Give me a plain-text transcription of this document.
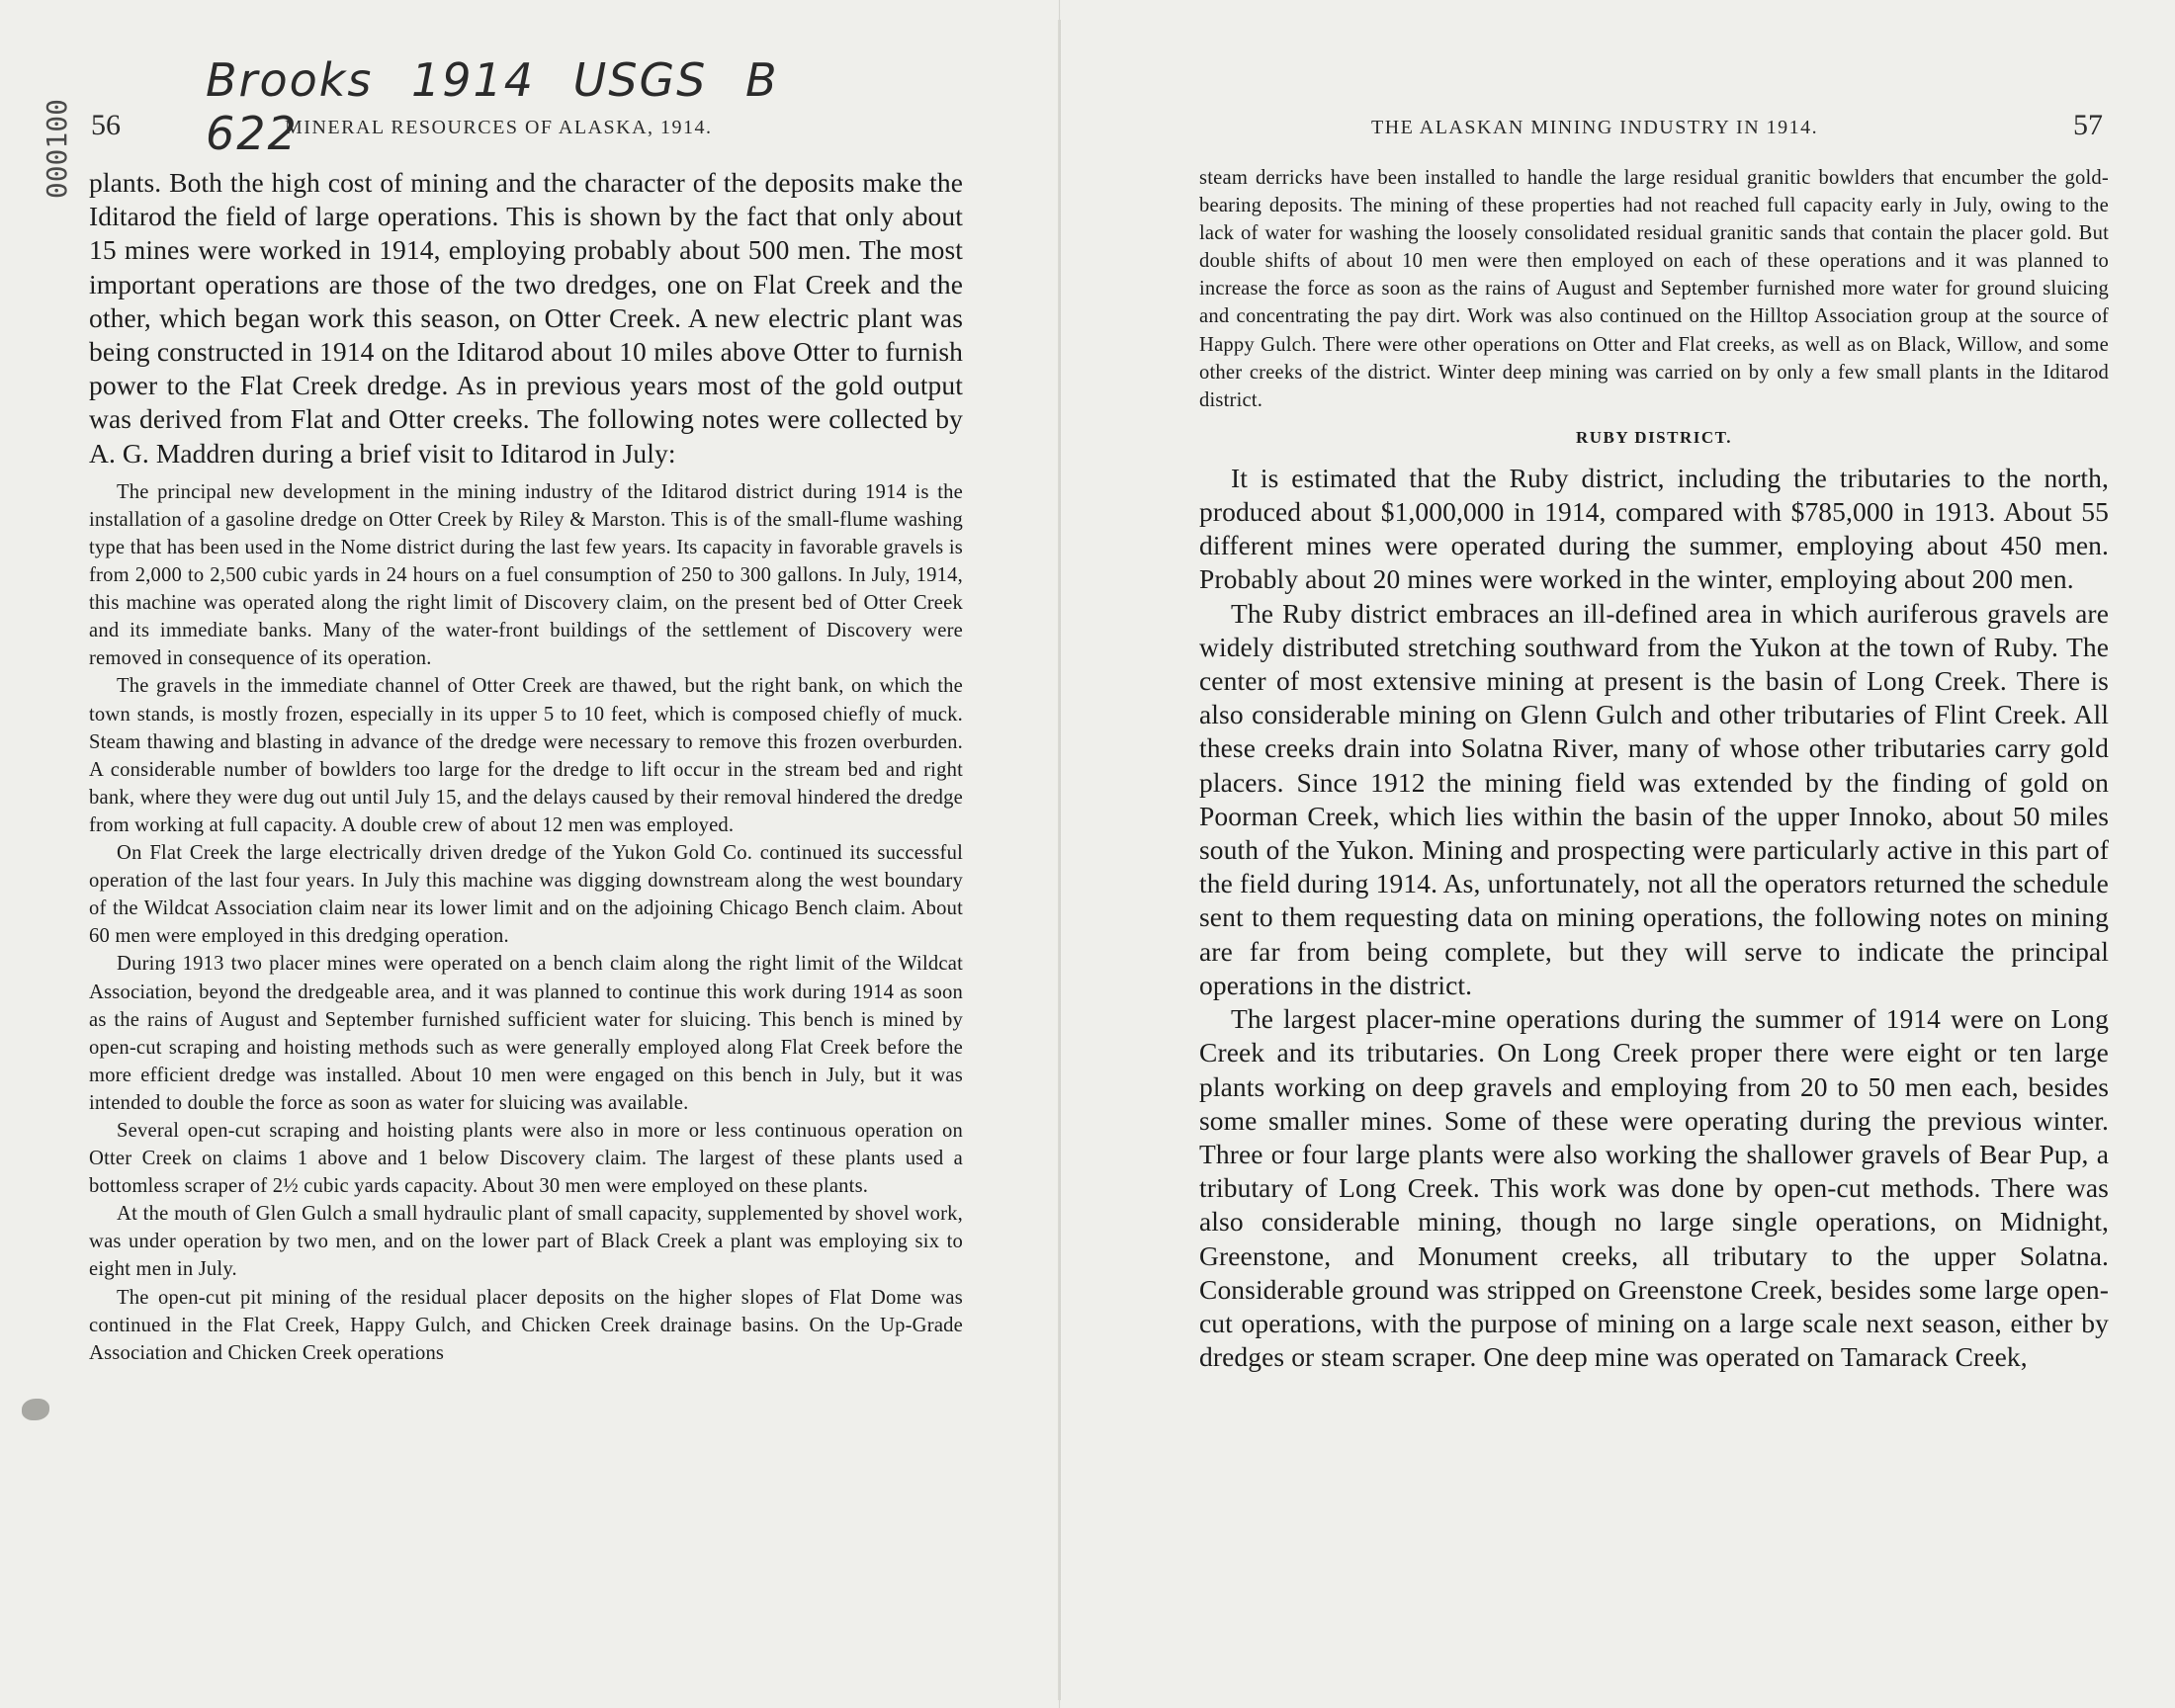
Brooks 1914 USGS B 622
000100 56	MINERAL RESOURCES OF ALASKA, 1914.

plants. Both the high cost of mining and the character of the deposits make the Iditarod the field of large operations. This is shown by the fact that only about 15 mines were worked in 1914, employing probably about 500 men. The most important operations are those of the two dredges, one on Flat Creek and the other, which began work this season, on Otter Creek. A new electric plant was being constructed in 1914 on the Iditarod about 10 miles above Otter to furnish power to the Flat Creek dredge. As in previous years most of the gold output was derived from Flat and Otter creeks. The following notes were collected by A. G. Maddren during a brief visit to Iditarod in July:

The principal new development in the mining industry of the Iditarod district during 1914 is the installation of a gasoline dredge on Otter Creek by Riley & Marston. This is of the small-flume washing type that has been used in the Nome district during the last few years. Its capacity in favorable gravels is from 2,000 to 2,500 cubic yards in 24 hours on a fuel consumption of 250 to 300 gallons. In July, 1914, this machine was operated along the right limit of Discovery claim, on the present bed of Otter Creek and its immediate banks. Many of the water-front buildings of the settlement of Discovery were removed in consequence of its operation.

The gravels in the immediate channel of Otter Creek are thawed, but the right bank, on which the town stands, is mostly frozen, especially in its upper 5 to 10 feet, which is composed chiefly of muck. Steam thawing and blasting in advance of the dredge were necessary to remove this frozen overburden. A considerable number of bowlders too large for the dredge to lift occur in the stream bed and right bank, where they were dug out until July 15, and the delays caused by their removal hindered the dredge from working at full capacity. A double crew of about 12 men was employed.

On Flat Creek the large electrically driven dredge of the Yukon Gold Co. continued its successful operation of the last four years. In July this machine was digging downstream along the west boundary of the Wildcat Association claim near its lower limit and on the adjoining Chicago Bench claim. About 60 men were employed in this dredging operation.

During 1913 two placer mines were operated on a bench claim along the right limit of the Wildcat Association, beyond the dredgeable area, and it was planned to continue this work during 1914 as soon as the rains of August and September furnished sufficient water for sluicing. This bench is mined by open-cut scraping and hoisting methods such as were generally employed along Flat Creek before the more efficient dredge was installed. About 10 men were engaged on this bench in July, but it was intended to double the force as soon as water for sluicing was available.

Several open-cut scraping and hoisting plants were also in more or less continuous operation on Otter Creek on claims 1 above and 1 below Discovery claim. The largest of these plants used a bottomless scraper of 2½ cubic yards capacity. About 30 men were employed on these plants.

At the mouth of Glen Gulch a small hydraulic plant of small capacity, supplemented by shovel work, was under operation by two men, and on the lower part of Black Creek a plant was employing six to eight men in July.

The open-cut pit mining of the residual placer deposits on the higher slopes of Flat Dome was continued in the Flat Creek, Happy Gulch, and Chicken Creek drainage basins. On the Up-Grade Association and Chicken Creek operations

THE ALASKAN MINING INDUSTRY IN 1914.	57

steam derricks have been installed to handle the large residual granitic bowlders that encumber the gold-bearing deposits. The mining of these properties had not reached full capacity early in July, owing to the lack of water for washing the loosely consolidated residual granitic sands that contain the placer gold. But double shifts of about 10 men were then employed on each of these operations and it was planned to increase the force as soon as the rains of August and September furnished more water for ground sluicing and concentrating the pay dirt. Work was also continued on the Hilltop Association group at the source of Happy Gulch. There were other operations on Otter and Flat creeks, as well as on Black, Willow, and some other creeks of the district. Winter deep mining was carried on by only a few small plants in the Iditarod district.

RUBY DISTRICT.

It is estimated that the Ruby district, including the tributaries to the north, produced about $1,000,000 in 1914, compared with $785,000 in 1913. About 55 different mines were operated during the summer, employing about 450 men. Probably about 20 mines were worked in the winter, employing about 200 men.

The Ruby district embraces an ill-defined area in which auriferous gravels are widely distributed stretching southward from the Yukon at the town of Ruby. The center of most extensive mining at present is the basin of Long Creek. There is also considerable mining on Glenn Gulch and other tributaries of Flint Creek. All these creeks drain into Solatna River, many of whose other tributaries carry gold placers. Since 1912 the mining field was extended by the finding of gold on Poorman Creek, which lies within the basin of the upper Innoko, about 50 miles south of the Yukon. Mining and prospecting were particularly active in this part of the field during 1914. As, unfortunately, not all the operators returned the schedule sent to them requesting data on mining operations, the following notes on mining are far from being complete, but they will serve to indicate the principal operations in the district.

The largest placer-mine operations during the summer of 1914 were on Long Creek and its tributaries. On Long Creek proper there were eight or ten large plants working on deep gravels and employing from 20 to 50 men each, besides some smaller mines. Some of these were operating during the previous winter. Three or four large plants were also working the shallower gravels of Bear Pup, a tributary of Long Creek. This work was done by open-cut methods. There was also considerable mining, though no large single operations, on Midnight, Greenstone, and Monument creeks, all tributary to the upper Solatna. Considerable ground was stripped on Greenstone Creek, besides some large open-cut operations, with the purpose of mining on a large scale next season, either by dredges or steam scraper. One deep mine was operated on Tamarack Creek,
